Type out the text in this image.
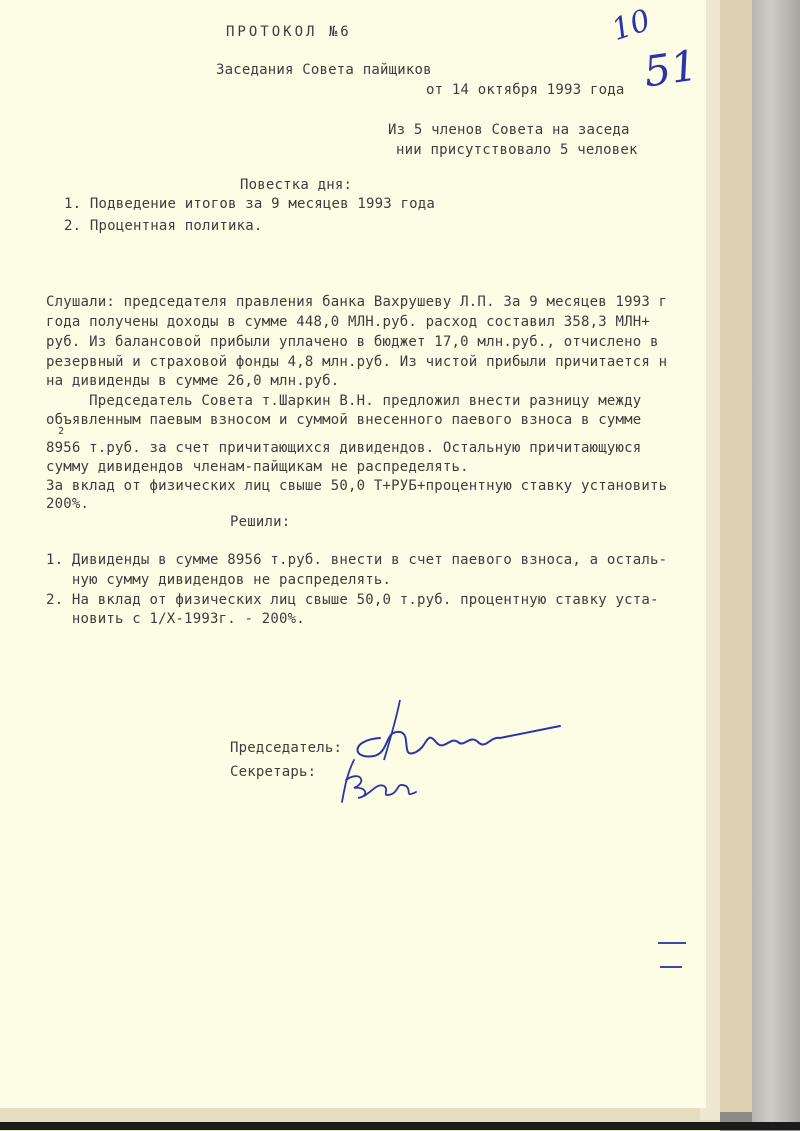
ПРОТОКОЛ №6
Заседания Совета пайщиков
от 14 октября 1993 года
Из 5 членов Совета на заседа
нии присутствовало 5 человек
10
51
Повестка дня:
1. Подведение итогов за 9 месяцев 1993 года
2. Процентная политика.
Слушали: председателя правления банка Вахрушеву Л.П. За 9 месяцев 1993 г
года получены доходы в сумме 448,0 МЛН.руб. расход составил 358,3 МЛН+
руб. Из балансовой прибыли уплачено в бюджет 17,0 млн.руб., отчислено в
резервный и страховой фонды 4,8 млн.руб. Из чистой прибыли причитается н
на дивиденды в сумме 26,0 млн.руб.
Председатель Совета т.Шаркин В.Н. предложил внести разницу между
объявленным паевым взносом и суммой внесенного паевого взноса в сумме
2
8956 т.руб. за счет причитающихся дивидендов. Остальную причитающуюся
сумму дивидендов членам-пайщикам не распределять.
За вклад от физических лиц свыше 50,0 Т+РУБ+процентную ставку установить
200%.
Решили:
1. Дивиденды в сумме 8956 т.руб. внести в счет паевого взноса, а осталь-
ную сумму дивидендов не распределять.
2. На вклад от физических лиц свыше 50,0 т.руб. процентную ставку уста-
новить с 1/X-1993г. - 200%.
Председатель:
Секретарь:
